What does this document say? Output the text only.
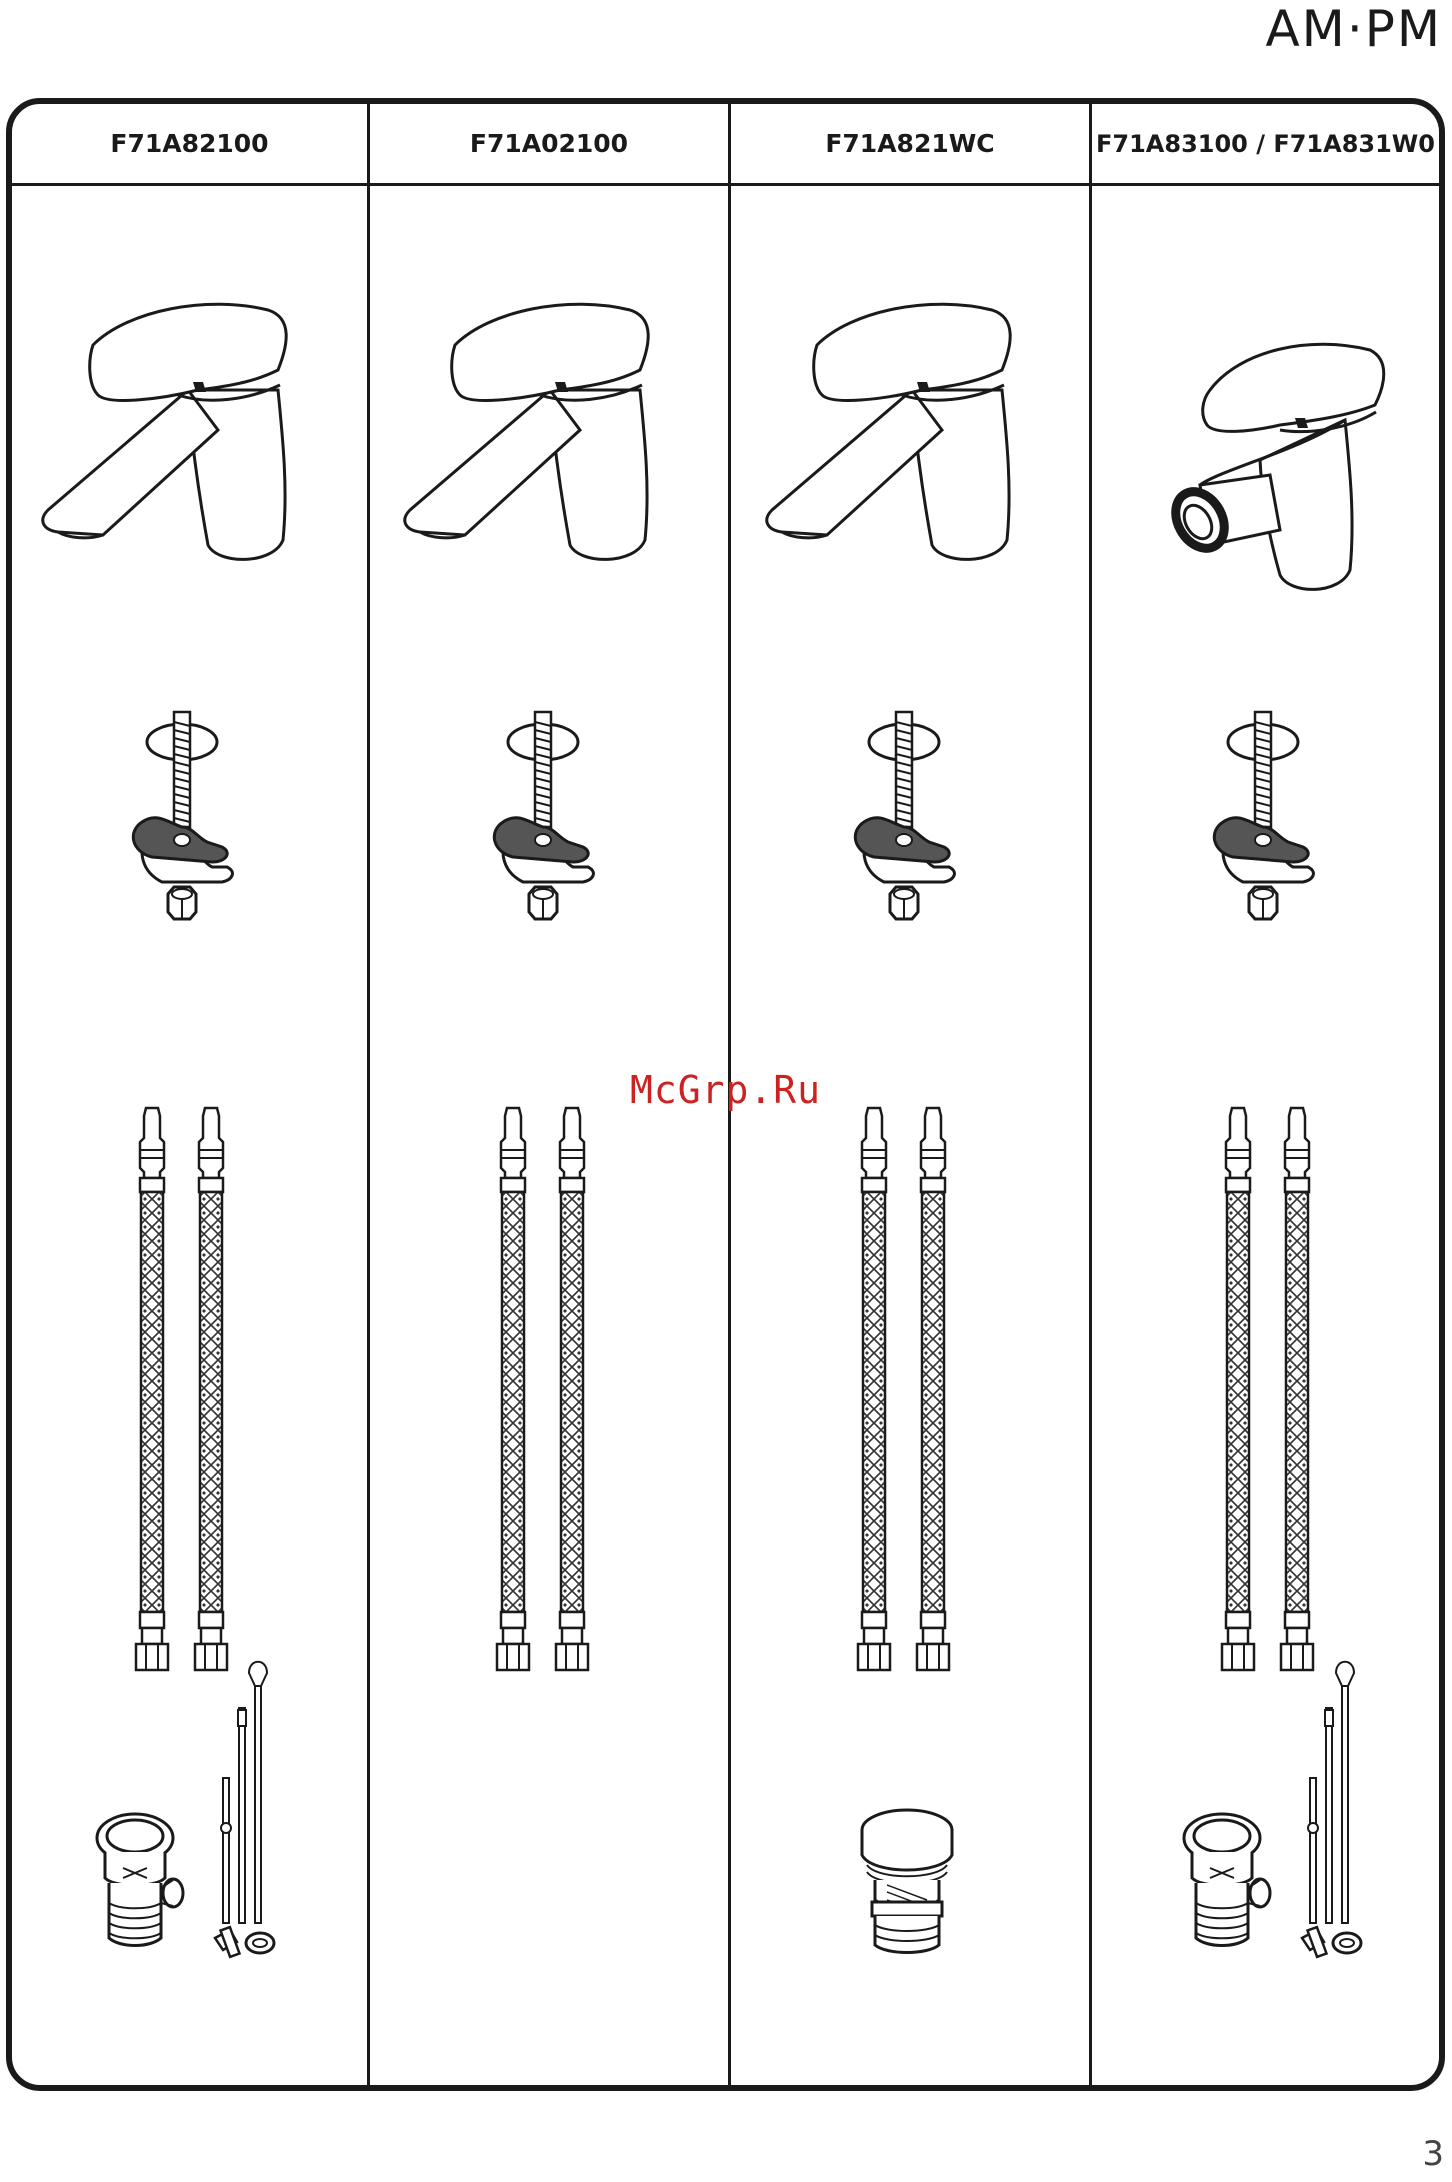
AM·PM
F71A82100	F71A02100	F71A821WC	F71A83100 / F71A831W0
McGrp.Ru
3
